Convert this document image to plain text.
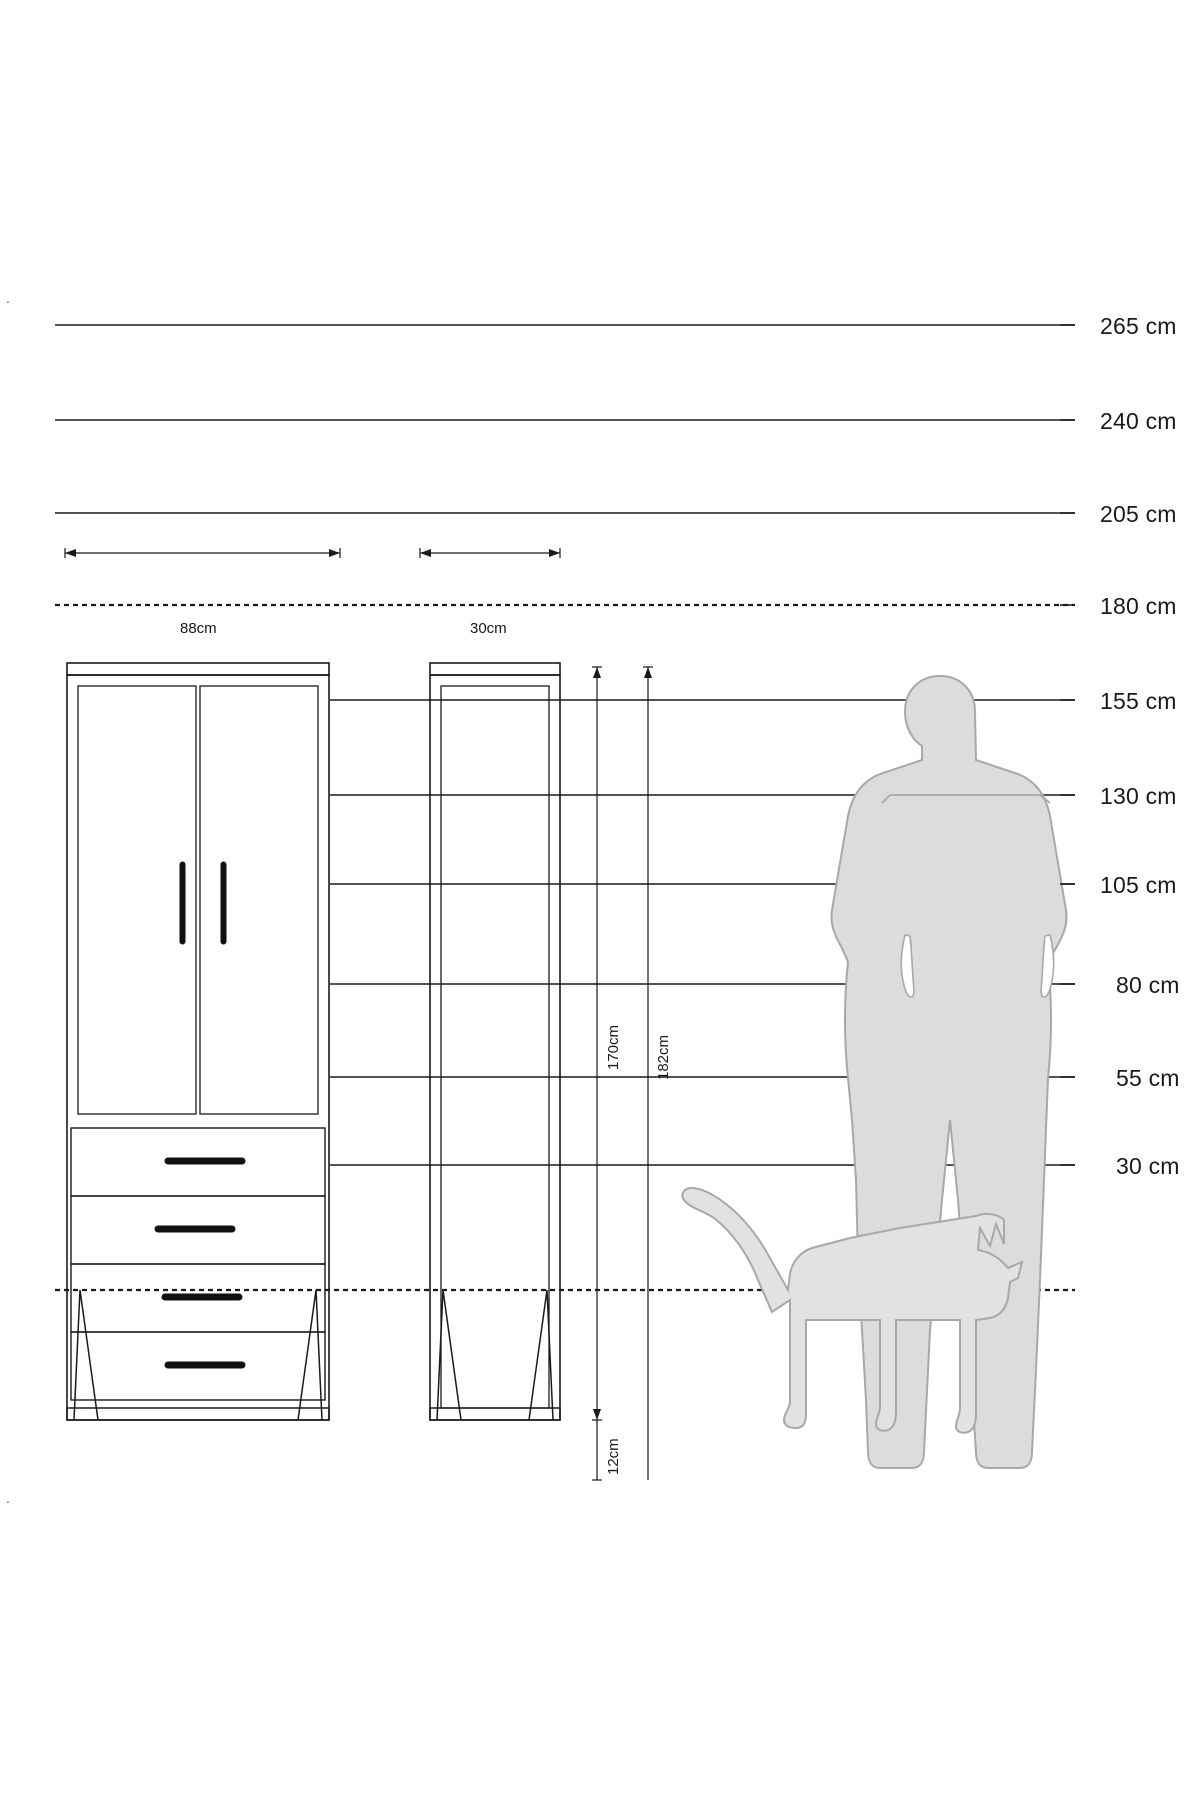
265 cm
240 cm
205 cm
180 cm
155 cm
130 cm
105 cm
80 cm
55 cm
30 cm
88cm	30cm
170cm 182cm
12cm
.
.
